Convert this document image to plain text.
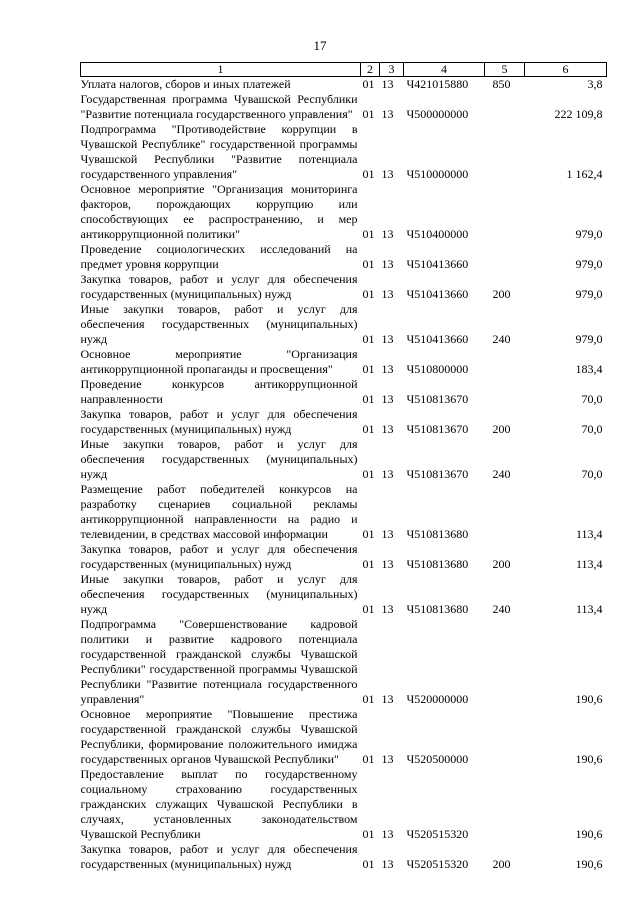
17
1	2	3	4	5	6
Уплата налогов, сборов и иных платежей	01	13	Ч421015880	850	3,8
Государственная программа Чувашской Республики "Развитие потенциала государственного управления"	01	13	Ч500000000		222 109,8
Подпрограмма "Противодействие коррупции в Чувашской Республике" государственной программы Чувашской Республики "Развитие потенциала государственного управления"	01	13	Ч510000000		1 162,4
Основное мероприятие "Организация мониторинга факторов, порождающих коррупцию или способствующих ее распространению, и мер антикоррупционной политики"	01	13	Ч510400000		979,0
Проведение социологических исследований на предмет уровня коррупции	01	13	Ч510413660		979,0
Закупка товаров, работ и услуг для обеспечения государственных (муниципальных) нужд	01	13	Ч510413660	200	979,0
Иные закупки товаров, работ и услуг для обеспечения государственных (муниципальных) нужд	01	13	Ч510413660	240	979,0
Основное мероприятие "Организация антикоррупционной пропаганды и просвещения"	01	13	Ч510800000		183,4
Проведение конкурсов антикоррупционной направленности	01	13	Ч510813670		70,0
Закупка товаров, работ и услуг для обеспечения государственных (муниципальных) нужд	01	13	Ч510813670	200	70,0
Иные закупки товаров, работ и услуг для обеспечения государственных (муниципальных) нужд	01	13	Ч510813670	240	70,0
Размещение работ победителей конкурсов на разработку сценариев социальной рекламы антикоррупционной направленности на радио и телевидении, в средствах массовой информации	01	13	Ч510813680		113,4
Закупка товаров, работ и услуг для обеспечения государственных (муниципальных) нужд	01	13	Ч510813680	200	113,4
Иные закупки товаров, работ и услуг для обеспечения государственных (муниципальных) нужд	01	13	Ч510813680	240	113,4
Подпрограмма "Совершенствование кадровой политики и развитие кадрового потенциала государственной гражданской службы Чувашской Республики" государственной программы Чувашской Республики "Развитие потенциала государственного управления"	01	13	Ч520000000		190,6
Основное мероприятие "Повышение престижа государственной гражданской службы Чувашской Республики, формирование положительного имиджа государственных органов Чувашской Республики"	01	13	Ч520500000		190,6
Предоставление выплат по государственному социальному страхованию государственных гражданских служащих Чувашской Республики в случаях, установленных законодательством Чувашской Республики	01	13	Ч520515320		190,6
Закупка товаров, работ и услуг для обеспечения государственных (муниципальных) нужд	01	13	Ч520515320	200	190,6
